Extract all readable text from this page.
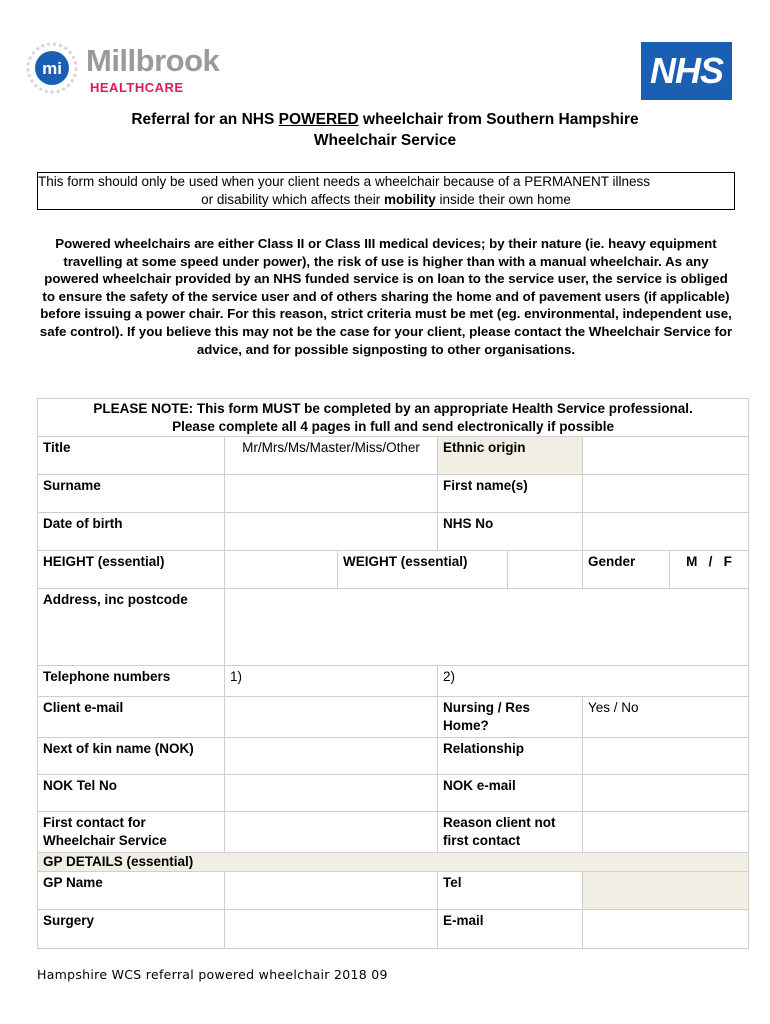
mi Millbrook
HEALTHCARE	NHS
Referral for an NHS POWERED wheelchair from Southern Hampshire
Wheelchair Service
This form should only be used when your client needs a wheelchair because of a PERMANENT illness
or disability which affects their mobility inside their own home
Powered wheelchairs are either Class II or Class III medical devices; by their nature (ie. heavy equipment travelling at some speed under power), the risk of use is higher than with a manual wheelchair. As any powered wheelchair provided by an NHS funded service is on loan to the service user, the service is obliged to ensure the safety of the service user and of others sharing the home and of pavement users (if applicable) before issuing a power chair. For this reason, strict criteria must be met (eg. environmental, independent use, safe control). If you believe this may not be the case for your client, please contact the Wheelchair Service for advice, and for possible signposting to other organisations.
PLEASE NOTE: This form MUST be completed by an appropriate Health Service professional.
Please complete all 4 pages in full and send electronically if possible						
Title	Mr/Mrs/Ms/Master/Miss/Other		Ethnic origin			
Surname			First name(s)			
Date of birth			NHS No			
HEIGHT (essential)		WEIGHT (essential)			Gender	M   /   F
Address, inc postcode						
Telephone numbers	1)		2)			
Client e-mail			Nursing / Res Home?		Yes / No	
Next of kin name (NOK)			Relationship			
NOK Tel No			NOK e-mail			
First contact for Wheelchair Service			Reason client not first contact			
GP DETAILS (essential)						
GP Name			Tel			
Surgery			E-mail			
Hampshire WCS referral powered wheelchair 2018 09
